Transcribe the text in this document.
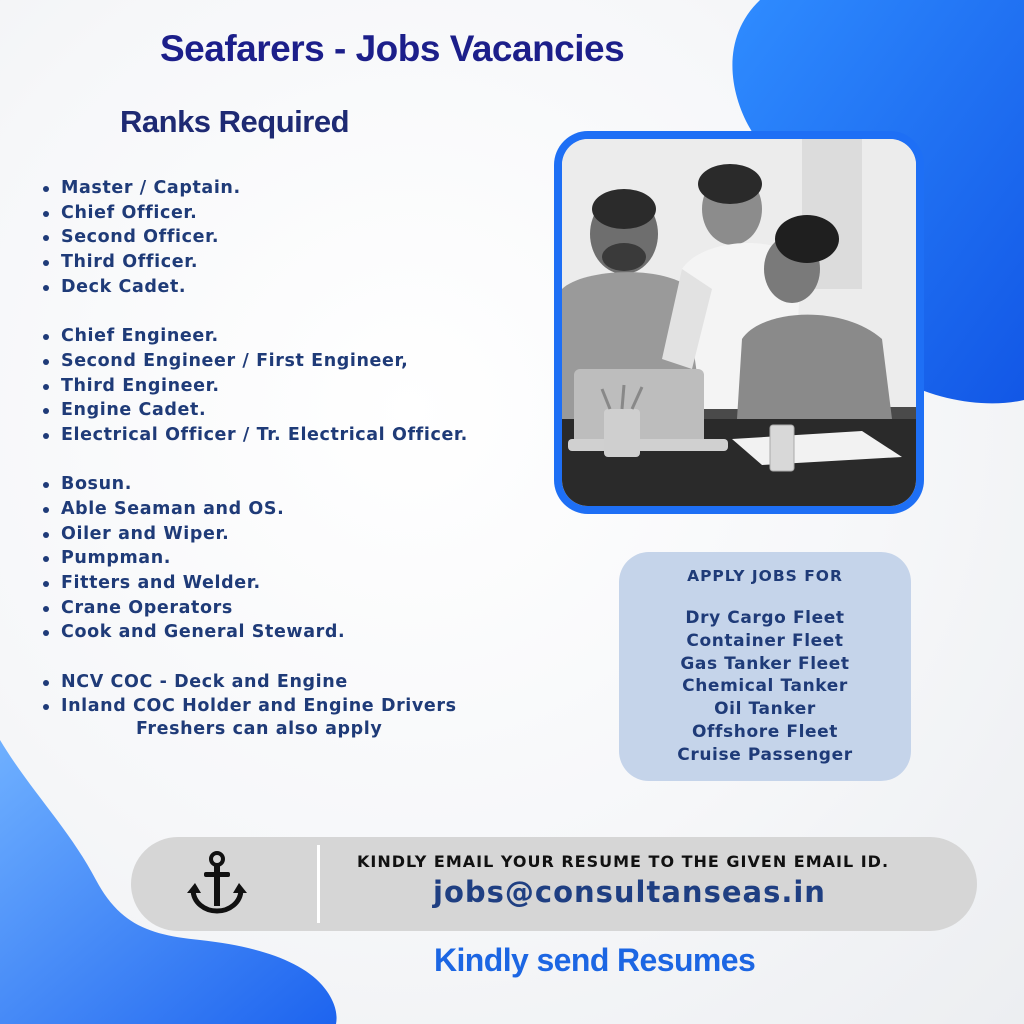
Seafarers - Jobs Vacancies
Ranks Required
Master / Captain.
Chief Officer.
Second Officer.
Third Officer.
Deck Cadet.
Chief Engineer.
Second Engineer / First Engineer,
Third Engineer.
Engine Cadet.
Electrical Officer / Tr. Electrical Officer.
Bosun.
Able Seaman and OS.
Oiler and Wiper.
Pumpman.
Fitters and Welder.
Crane Operators
Cook and General Steward.
NCV COC - Deck and Engine
Inland COC Holder and Engine Drivers
Freshers can also apply
APPLY JOBS FOR
Dry Cargo Fleet
Container Fleet
Gas Tanker Fleet
Chemical Tanker
Oil Tanker
Offshore Fleet
Cruise Passenger
KINDLY EMAIL YOUR RESUME TO THE GIVEN EMAIL ID.
jobs@consultanseas.in

Kindly send Resumes
